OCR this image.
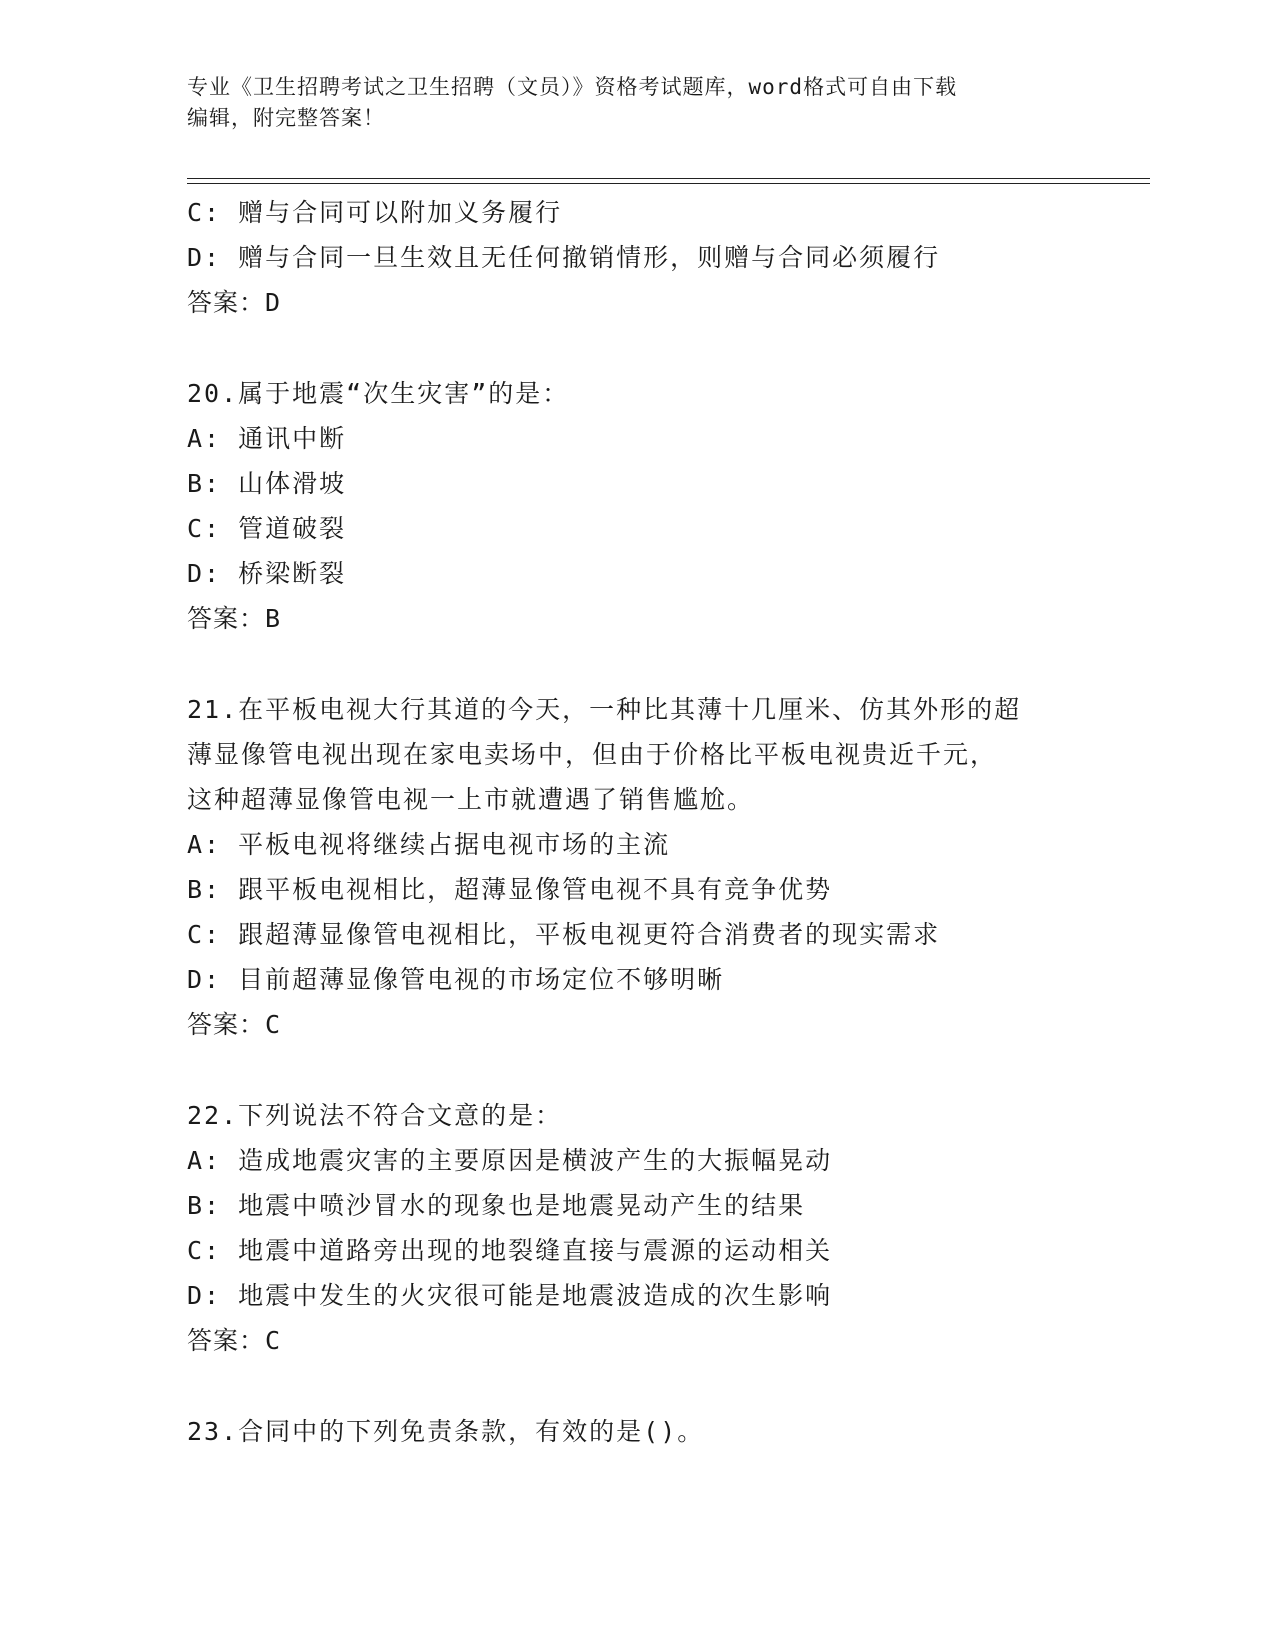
专业《卫生招聘考试之卫生招聘（文员）》资格考试题库，word格式可自由下载
编辑，附完整答案！
C: 赠与合同可以附加义务履行
D: 赠与合同一旦生效且无任何撤销情形，则赠与合同必须履行
答案：D
20.属于地震“次生灾害”的是：
A: 通讯中断
B: 山体滑坡
C: 管道破裂
D: 桥梁断裂
答案：B
21.在平板电视大行其道的今天，一种比其薄十几厘米、仿其外形的超
薄显像管电视出现在家电卖场中，但由于价格比平板电视贵近千元，
这种超薄显像管电视一上市就遭遇了销售尴尬。
A: 平板电视将继续占据电视市场的主流
B: 跟平板电视相比，超薄显像管电视不具有竞争优势
C: 跟超薄显像管电视相比，平板电视更符合消费者的现实需求
D: 目前超薄显像管电视的市场定位不够明晰
答案：C
22.下列说法不符合文意的是：
A: 造成地震灾害的主要原因是横波产生的大振幅晃动
B: 地震中喷沙冒水的现象也是地震晃动产生的结果
C: 地震中道路旁出现的地裂缝直接与震源的运动相关
D: 地震中发生的火灾很可能是地震波造成的次生影响
答案：C
23.合同中的下列免责条款，有效的是()。
